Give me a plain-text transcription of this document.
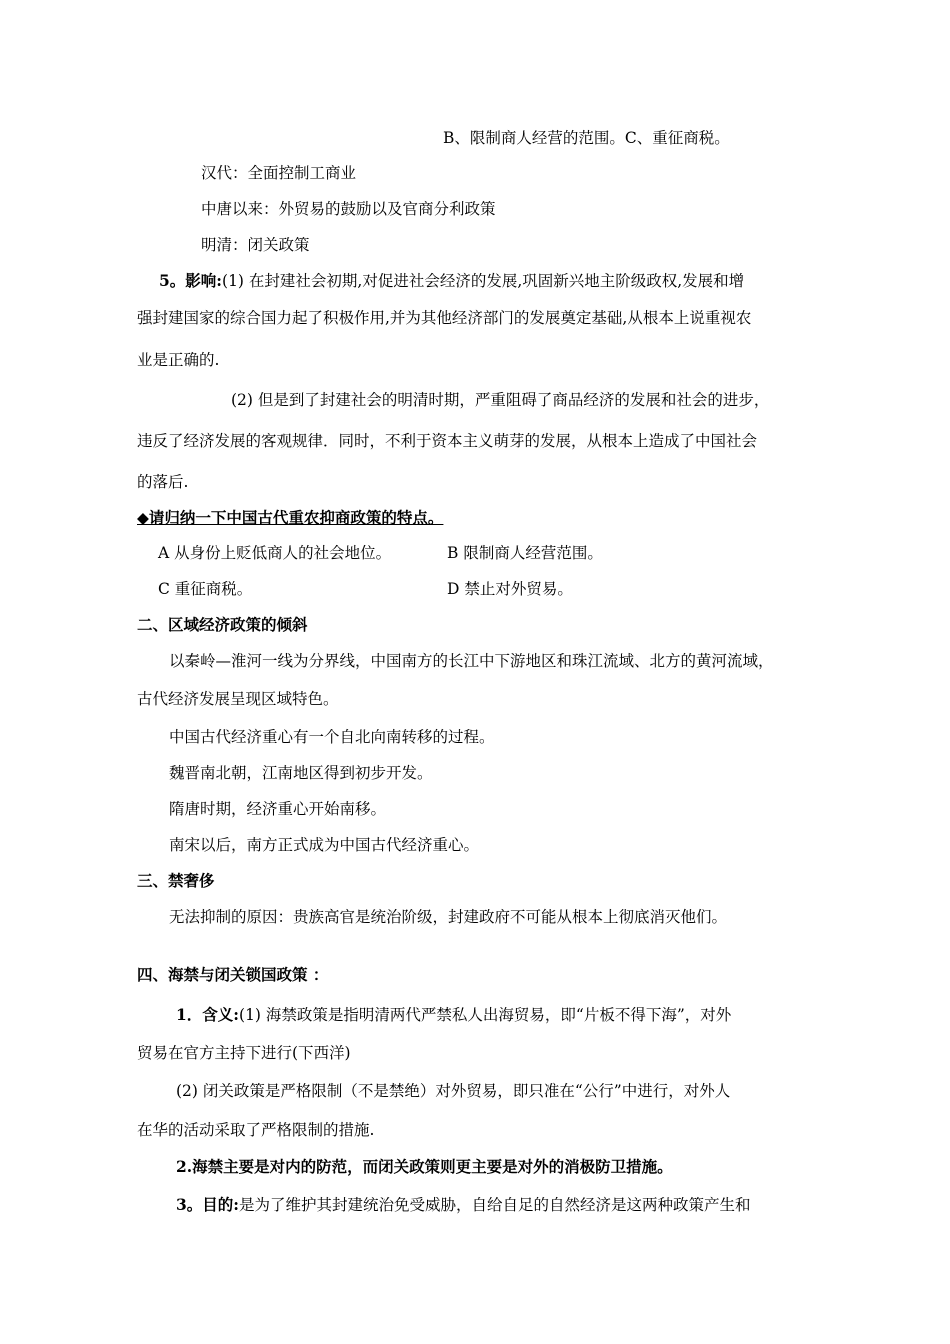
B、限制商人经营的范围。C、重征商税。
汉代：全面控制工商业
中唐以来：外贸易的鼓励以及官商分利政策
明清：闭关政策
5。影响:(1) 在封建社会初期,对促进社会经济的发展,巩固新兴地主阶级政权,发展和增
强封建国家的综合国力起了积极作用,并为其他经济部门的发展奠定基础,从根本上说重视农
业是正确的.
(2) 但是到了封建社会的明清时期，严重阻碍了商品经济的发展和社会的进步，
违反了经济发展的客观规律．同时，不利于资本主义萌芽的发展，从根本上造成了中国社会
的落后.
◆请归纳一下中国古代重农抑商政策的特点。
A 从身份上贬低商人的社会地位。	B 限制商人经营范围。
C 重征商税。	D 禁止对外贸易。
二、区域经济政策的倾斜
以秦岭—淮河一线为分界线，中国南方的长江中下游地区和珠江流域、北方的黄河流域，
古代经济发展呈现区域特色。
中国古代经济重心有一个自北向南转移的过程。
魏晋南北朝，江南地区得到初步开发。
隋唐时期，经济重心开始南移。
南宋以后，南方正式成为中国古代经济重心。
三、禁奢侈
无法抑制的原因：贵族高官是统治阶级，封建政府不可能从根本上彻底消灭他们。
四、海禁与闭关锁国政策 ：
1．含义:(1) 海禁政策是指明清两代严禁私人出海贸易，即“片板不得下海”，对外
贸易在官方主持下进行(下西洋)
(2) 闭关政策是严格限制（不是禁绝）对外贸易，即只准在“公行”中进行，对外人
在华的活动采取了严格限制的措施.
2.海禁主要是对内的防范，而闭关政策则更主要是对外的消极防卫措施。
3。目的:是为了维护其封建统治免受威胁，自给自足的自然经济是这两种政策产生和
